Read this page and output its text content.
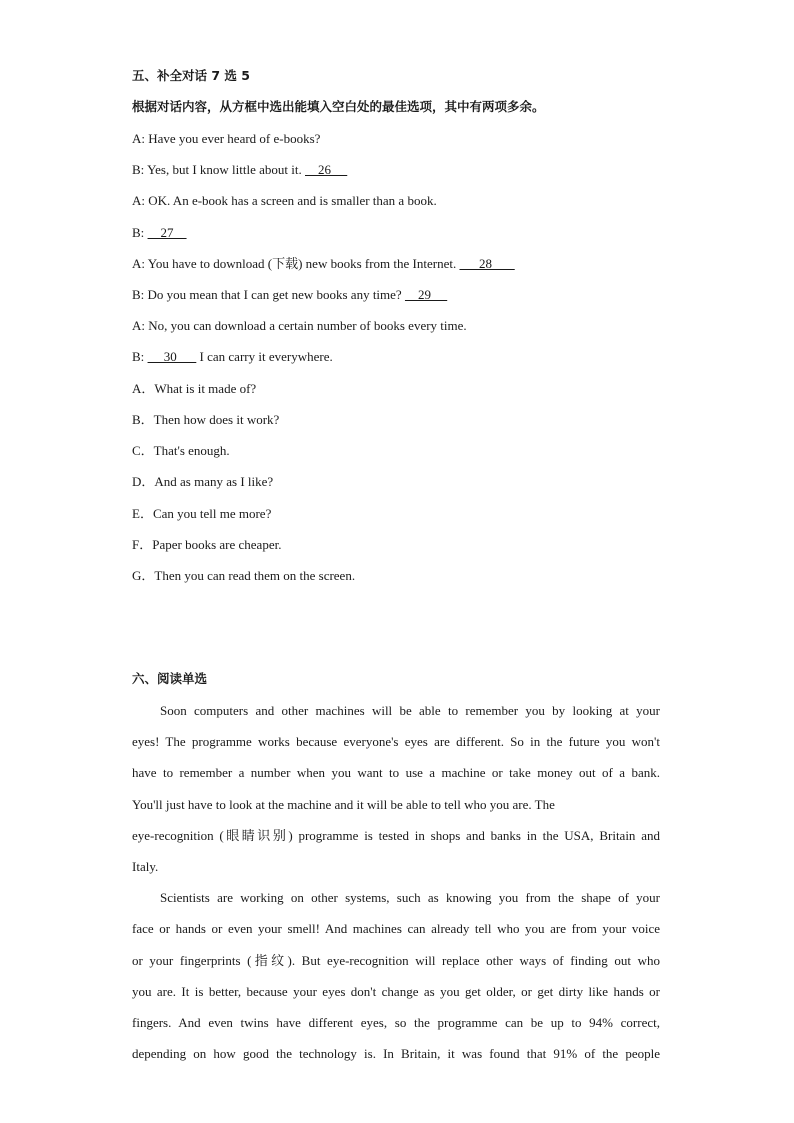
五、补全对话 7 选 5
根据对话内容，从方框中选出能填入空白处的最佳选项，其中有两项多余。
A: Have you ever heard of e-books?
B: Yes, but I know little about it.     26
A: OK. An e-book has a screen and is smaller than a book.
B:     27
A: You have to download (下载) new books from the Internet.       28
B: Do you mean that I can get new books any time?     29
A: No, you can download a certain number of books every time.
B:      30       I can carry it everywhere.
A．What is it made of?
B．Then how does it work?
C．That's enough.
D．And as many as I like?
E．Can you tell me more?
F．Paper books are cheaper.
G．Then you can read them on the screen.
六、阅读单选
Soon computers and other machines will be able to remember you by looking at your
eyes! The programme works because everyone's eyes are different. So in the future you won't
have to remember a number when you want to use a machine or take money out of a bank.
You'll just have to look at the machine and it will be able to tell who you are. The
eye-recognition (眼睛识别) programme is tested in shops and banks in the USA, Britain and
Italy.
Scientists are working on other systems, such as knowing you from the shape of your
face or hands or even your smell! And machines can already tell who you are from your voice
or your fingerprints (指纹). But eye-recognition will replace other ways of finding out who
you are. It is better, because your eyes don't change as you get older, or get dirty like hands or
fingers. And even twins have different eyes, so the programme can be up to 94% correct,
depending on how good the technology is. In Britain, it was found that 91% of the people
